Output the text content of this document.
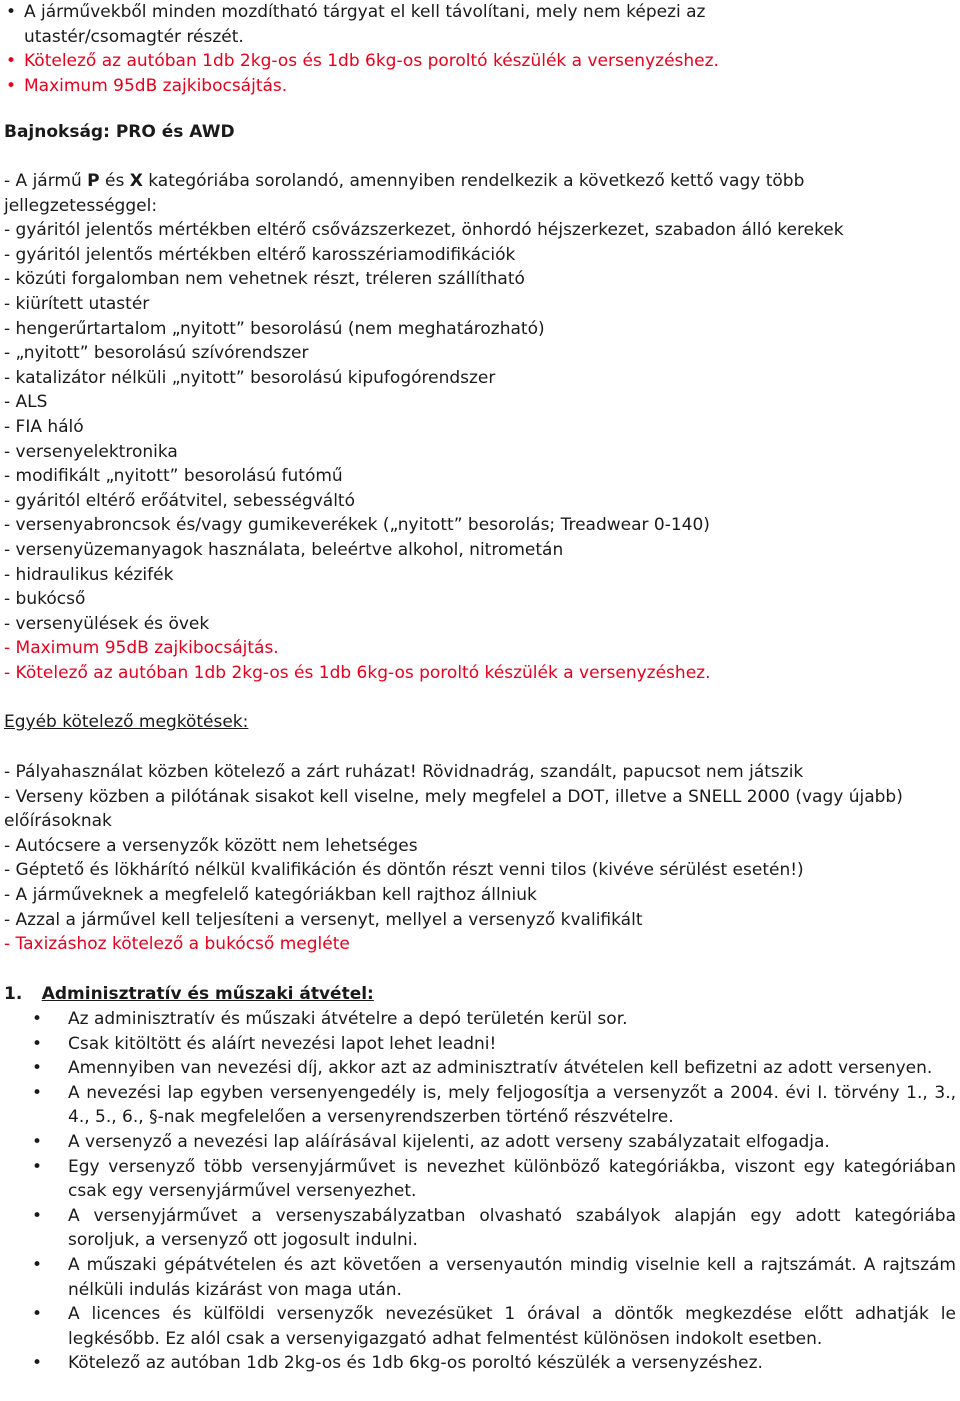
• A járművekből minden mozdítható tárgyat el kell távolítani, mely nem képezi az utastér/csomagtér részét.
• Kötelező az autóban 1db 2kg-os és 1db 6kg-os poroltó készülék a versenyzéshez.
• Maximum 95dB zajkibocsájtás.
Bajnokság: PRO és AWD
- A jármű P és X kategóriába sorolandó, amennyiben rendelkezik a következő kettő vagy több jellegzetességgel:
- gyáritól jelentős mértékben eltérő csővázszerkezet, önhordó héjszerkezet, szabadon álló kerekek
- gyáritól jelentős mértékben eltérő karosszériamodifikációk
- közúti forgalomban nem vehetnek részt, tréleren szállítható
- kiürített utastér
- hengerűrtartalom „nyitott” besorolású (nem meghatározható)
- „nyitott” besorolású szívórendszer
- katalizátor nélküli „nyitott” besorolású kipufogórendszer
- ALS
- FIA háló
- versenyelektronika
- modifikált „nyitott” besorolású futómű
- gyáritól eltérő erőátvitel, sebességváltó
- versenyabroncsok és/vagy gumikeverékek („nyitott” besorolás; Treadwear 0-140)
- versenyüzemanyagok használata, beleértve alkohol, nitrometán
- hidraulikus kézifék
- bukócső
- versenyülések és övek
- Maximum 95dB zajkibocsájtás.
- Kötelező az autóban 1db 2kg-os és 1db 6kg-os poroltó készülék a versenyzéshez.
Egyéb kötelező megkötések:
- Pályahasználat közben kötelező a zárt ruházat! Rövidnadrág, szandált, papucsot nem játszik
- Verseny közben a pilótának sisakot kell viselne, mely megfelel a DOT, illetve a SNELL 2000 (vagy újabb) előírásoknak
- Autócsere a versenyzők között nem lehetséges
- Géptető és lökhárító nélkül kvalifikáción és döntőn részt venni tilos (kivéve sérülést esetén!)
- A járműveknek a megfelelő kategóriákban kell rajthoz állniuk
- Azzal a járművel kell teljesíteni a versenyt, mellyel a versenyző kvalifikált
- Taxizáshoz kötelező a bukócső megléte
1. Adminisztratív és műszaki átvétel:
• Az adminisztratív és műszaki átvételre a depó területén kerül sor.
• Csak kitöltött és aláírt nevezési lapot lehet leadni!
• Amennyiben van nevezési díj, akkor azt az adminisztratív átvételen kell befizetni az adott versenyen.
• A nevezési lap egyben versenyengedély is, mely feljogosítja a versenyzőt a 2004. évi I. törvény 1., 3., 4., 5., 6., §-nak megfelelően a versenyrendszerben történő részvételre.
• A versenyző a nevezési lap aláírásával kijelenti, az adott verseny szabályzatait elfogadja.
• Egy versenyző több versenyjárművet is nevezhet különböző kategóriákba, viszont egy kategóriában csak egy versenyjárművel versenyezhet.
• A versenyjárművet a versenyszabályzatban olvasható szabályok alapján egy adott kategóriába soroljuk, a versenyző ott jogosult indulni.
• A műszaki gépátvételen és azt követően a versenyautón mindig viselnie kell a rajtszámát. A rajtszám nélküli indulás kizárást von maga után.
• A licences és külföldi versenyzők nevezésüket 1 órával a döntők megkezdése előtt adhatják le legkésőbb. Ez alól csak a versenyigazgató adhat felmentést különösen indokolt esetben.
• Kötelező az autóban 1db 2kg-os és 1db 6kg-os poroltó készülék a versenyzéshez.
